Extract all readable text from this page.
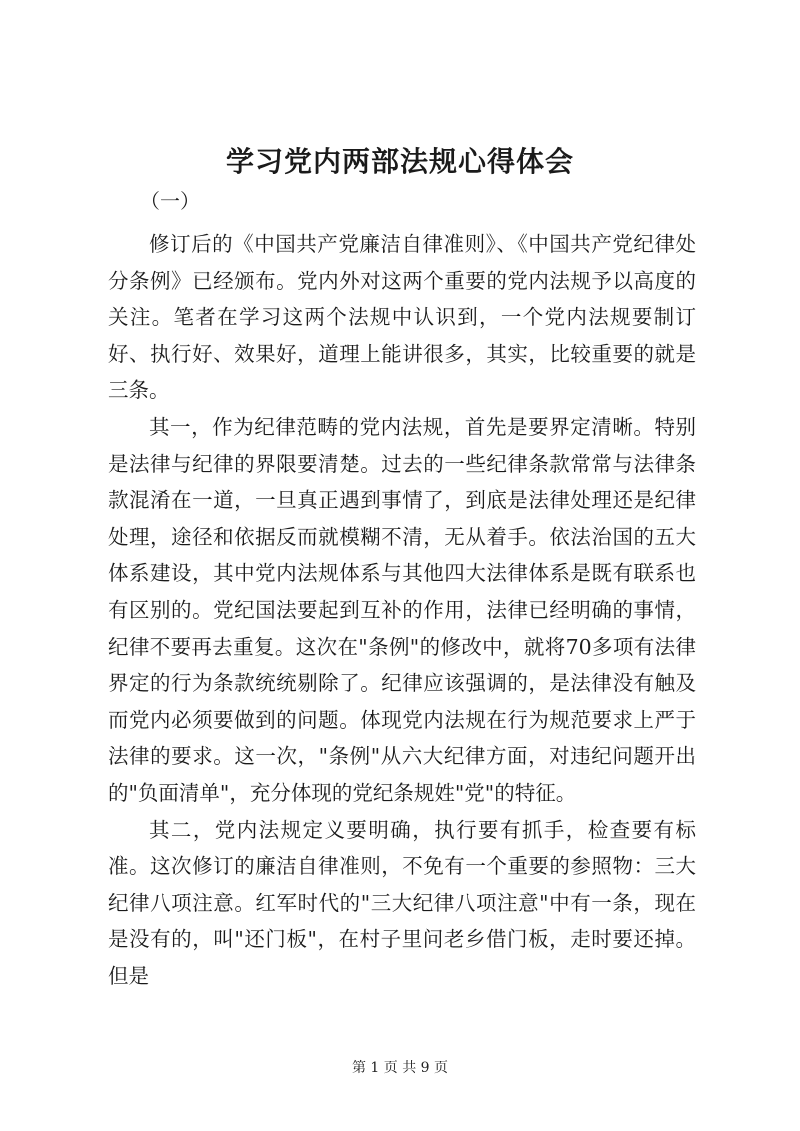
学习党内两部法规心得体会

（一）

修订后的《中国共产党廉洁自律准则》、《中国共产党纪律处分条例》已经颁布。党内外对这两个重要的党内法规予以高度的关注。笔者在学习这两个法规中认识到，一个党内法规要制订好、执行好、效果好，道理上能讲很多，其实，比较重要的就是三条。

其一，作为纪律范畴的党内法规，首先是要界定清晰。特别是法律与纪律的界限要清楚。过去的一些纪律条款常常与法律条款混淆在一道，一旦真正遇到事情了，到底是法律处理还是纪律处理，途径和依据反而就模糊不清，无从着手。依法治国的五大体系建设，其中党内法规体系与其他四大法律体系是既有联系也有区别的。党纪国法要起到互补的作用，法律已经明确的事情，纪律不要再去重复。这次在"条例"的修改中，就将70多项有法律界定的行为条款统统剔除了。纪律应该强调的，是法律没有触及而党内必须要做到的问题。体现党内法规在行为规范要求上严于法律的要求。这一次，"条例"从六大纪律方面，对违纪问题开出的"负面清单"，充分体现的党纪条规姓"党"的特征。

其二，党内法规定义要明确，执行要有抓手，检查要有标准。这次修订的廉洁自律准则，不免有一个重要的参照物：三大纪律八项注意。红军时代的"三大纪律八项注意"中有一条，现在是没有的，叫"还门板"，在村子里问老乡借门板，走时要还掉。但是

第 1 页 共 9 页
